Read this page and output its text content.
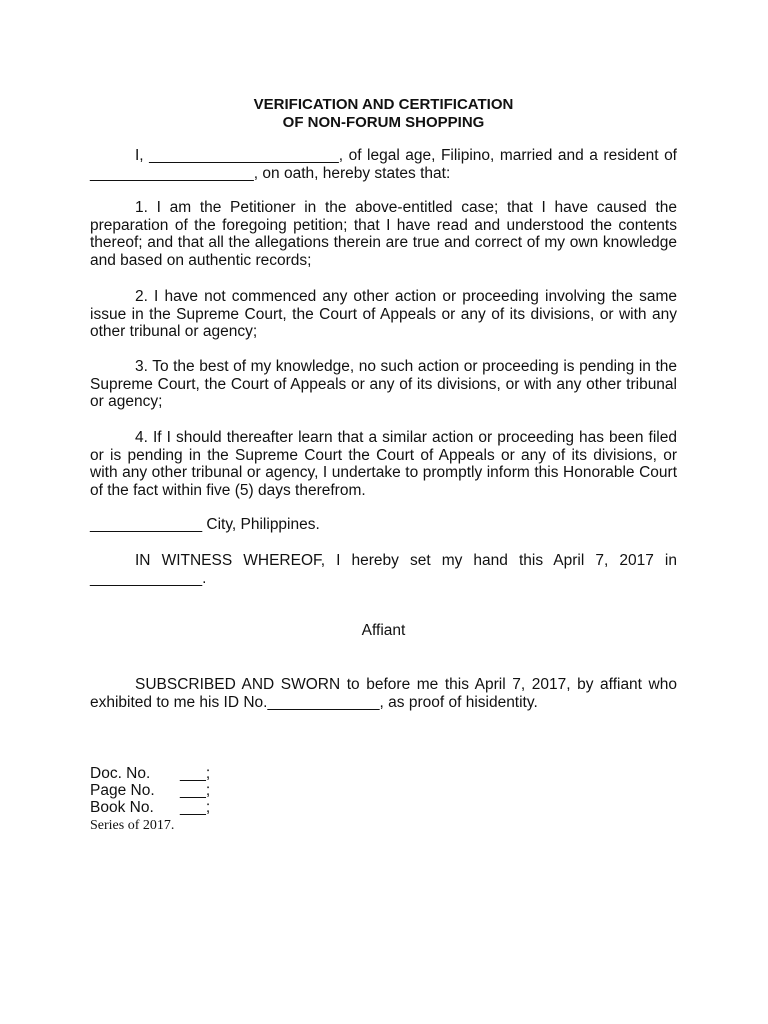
VERIFICATION AND CERTIFICATION
OF NON-FORUM SHOPPING

I, ______________________, of legal age, Filipino, married and a resident of ___________________, on oath, hereby states that:

1. I am the Petitioner in the above-entitled case; that I have caused the preparation of the foregoing petition; that I have read and understood the contents thereof; and that all the allegations therein are true and correct of my own knowledge and based on authentic records;

2. I have not commenced any other action or proceeding involving the same issue in the Supreme Court, the Court of Appeals or any of its divisions, or with any other tribunal or agency;

3. To the best of my knowledge, no such action or proceeding is pending in the Supreme Court, the Court of Appeals or any of its divisions, or with any other tribunal or agency;

4. If I should thereafter learn that a similar action or proceeding has been filed or is pending in the Supreme Court the Court of Appeals or any of its divisions, or with any other tribunal or agency, I undertake to promptly inform this Honorable Court of the fact within five (5) days therefrom.

_____________ City, Philippines.

IN WITNESS WHEREOF, I hereby set my hand this April 7, 2017 in _____________.

Affiant

SUBSCRIBED AND SWORN to before me this April 7, 2017, by affiant who exhibited to me his ID No._____________, as proof of hisidentity.

Doc. No. ___;

Page No. ___;

Book No. ___;

Series of 2017.
